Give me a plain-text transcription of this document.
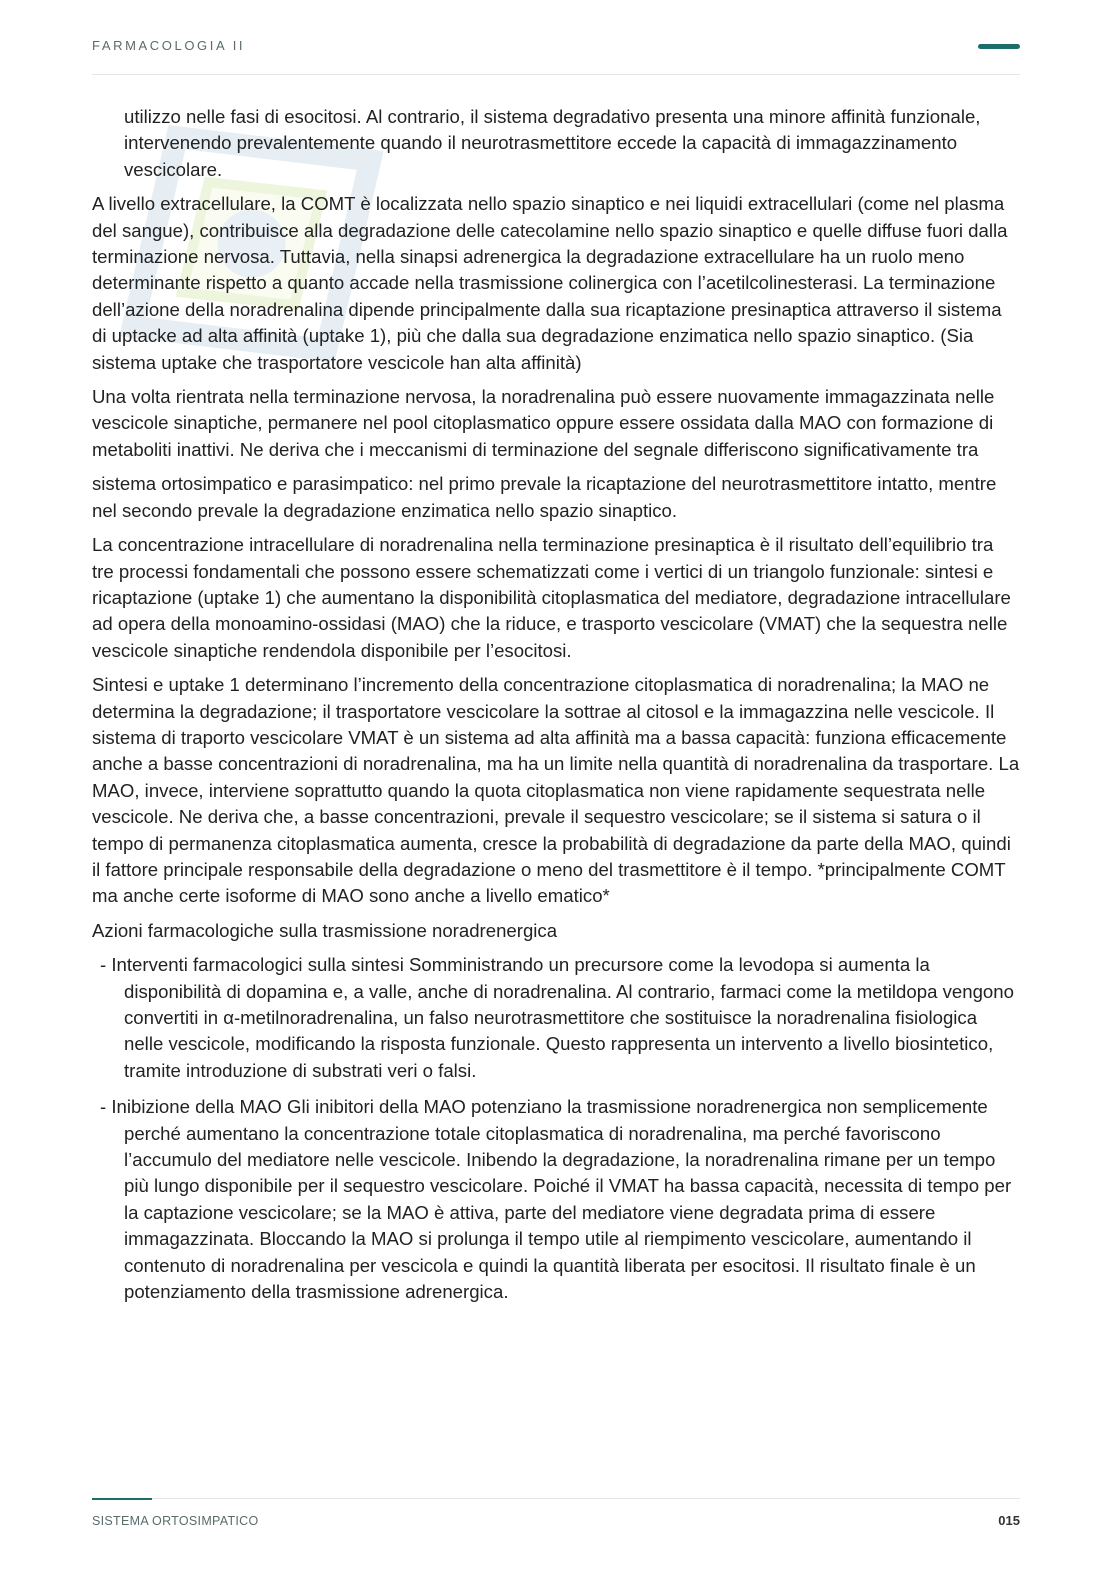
FARMACOLOGIA II

utilizzo nelle fasi di esocitosi. Al contrario, il sistema degradativo presenta una minore affinità funzionale, intervenendo prevalentemente quando il neurotrasmettitore eccede la capacità di immagazzinamento vescicolare.

A livello extracellulare, la COMT è localizzata nello spazio sinaptico e nei liquidi extracellulari (come nel plasma del sangue), contribuisce alla degradazione delle catecolamine nello spazio sinaptico e quelle diffuse fuori dalla terminazione nervosa. Tuttavia, nella sinapsi adrenergica la degradazione extracellulare ha un ruolo meno determinante rispetto a quanto accade nella trasmissione colinergica con l’acetilcolinesterasi. La terminazione dell’azione della noradrenalina dipende principalmente dalla sua ricaptazione presinaptica attraverso il sistema di uptacke ad alta affinità (uptake 1), più che dalla sua degradazione enzimatica nello spazio sinaptico. (Sia sistema uptake che trasportatore vescicole han alta affinità)

Una volta rientrata nella terminazione nervosa, la noradrenalina può essere nuovamente immagazzinata nelle vescicole sinaptiche, permanere nel pool citoplasmatico oppure essere ossidata dalla MAO con formazione di metaboliti inattivi. Ne deriva che i meccanismi di terminazione del segnale differiscono significativamente tra

sistema ortosimpatico e parasimpatico: nel primo prevale la ricaptazione del neurotrasmettitore intatto, mentre nel secondo prevale la degradazione enzimatica nello spazio sinaptico.

La concentrazione intracellulare di noradrenalina nella terminazione presinaptica è il risultato dell’equilibrio tra tre processi fondamentali che possono essere schematizzati come i vertici di un triangolo funzionale: sintesi e ricaptazione (uptake 1) che aumentano la disponibilità citoplasmatica del mediatore, degradazione intracellulare ad opera della monoamino-ossidasi (MAO) che la riduce, e trasporto vescicolare (VMAT) che la sequestra nelle vescicole sinaptiche rendendola disponibile per l’esocitosi.

Sintesi e uptake 1 determinano l’incremento della concentrazione citoplasmatica di noradrenalina; la MAO ne determina la degradazione; il trasportatore vescicolare la sottrae al citosol e la immagazzina nelle vescicole. Il sistema di traporto vescicolare VMAT è un sistema ad alta affinità ma a bassa capacità: funziona efficacemente anche a basse concentrazioni di noradrenalina, ma ha un limite nella quantità di noradrenalina da trasportare. La MAO, invece, interviene soprattutto quando la quota citoplasmatica non viene rapidamente sequestrata nelle vescicole. Ne deriva che, a basse concentrazioni, prevale il sequestro vescicolare; se il sistema si satura o il tempo di permanenza citoplasmatica aumenta, cresce la probabilità di degradazione da parte della MAO, quindi il fattore principale responsabile della degradazione o meno del trasmettitore è il tempo. *principalmente COMT ma anche certe isoforme di MAO sono anche a livello ematico*

Azioni farmacologiche sulla trasmissione noradrenergica

- Interventi farmacologici sulla sintesi Somministrando un precursore come la levodopa si aumenta la disponibilità di dopamina e, a valle, anche di noradrenalina. Al contrario, farmaci come la metildopa vengono convertiti in α-metilnoradrenalina, un falso neurotrasmettitore che sostituisce la noradrenalina fisiologica nelle vescicole, modificando la risposta funzionale. Questo rappresenta un intervento a livello biosintetico, tramite introduzione di substrati veri o falsi.

- Inibizione della MAO Gli inibitori della MAO potenziano la trasmissione noradrenergica non semplicemente perché aumentano la concentrazione totale citoplasmatica di noradrenalina, ma perché favoriscono l’accumulo del mediatore nelle vescicole. Inibendo la degradazione, la noradrenalina rimane per un tempo più lungo disponibile per il sequestro vescicolare. Poiché il VMAT ha bassa capacità, necessita di tempo per la captazione vescicolare; se la MAO è attiva, parte del mediatore viene degradata prima di essere immagazzinata. Bloccando la MAO si prolunga il tempo utile al riempimento vescicolare, aumentando il contenuto di noradrenalina per vescicola e quindi la quantità liberata per esocitosi. Il risultato finale è un potenziamento della trasmissione adrenergica.

SISTEMA ORTOSIMPATICO	015
